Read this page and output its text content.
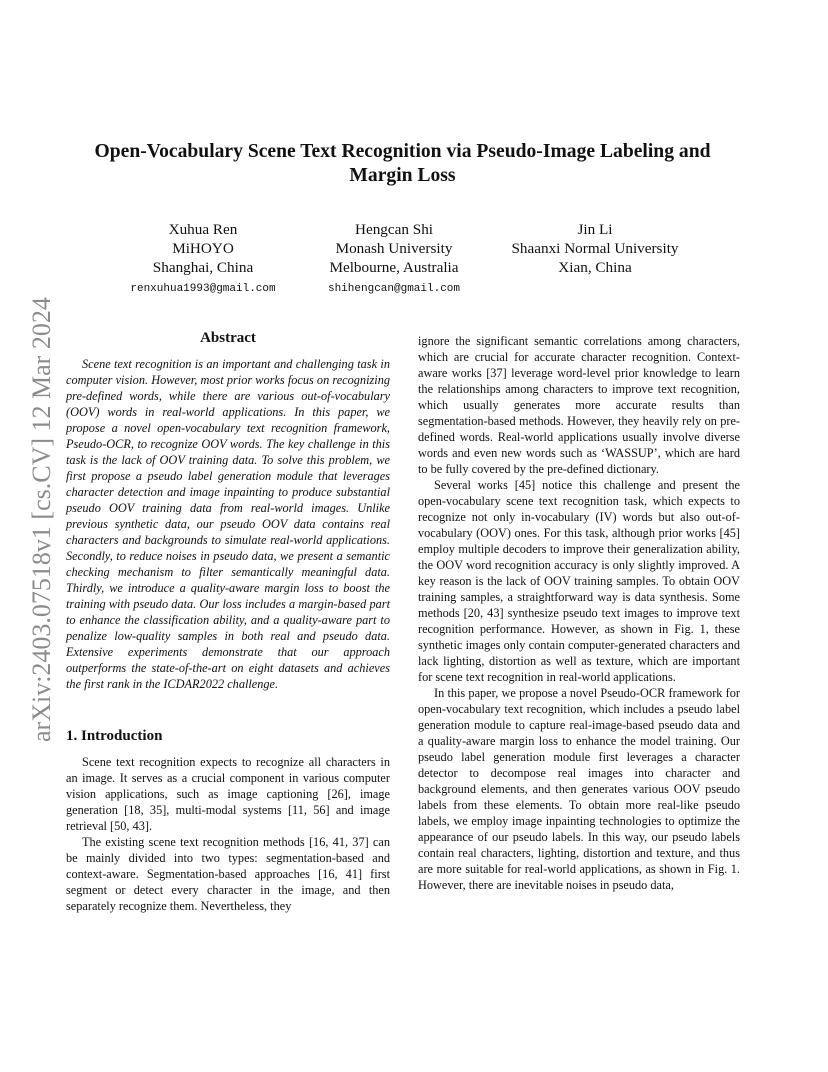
arXiv:2403.07518v1 [cs.CV] 12 Mar 2024
Open-Vocabulary Scene Text Recognition via Pseudo-Image Labeling and Margin Loss
Xuhua Ren
MiHOYO
Shanghai, China
renxuhua1993@gmail.com
Hengcan Shi
Monash University
Melbourne, Australia
shihengcan@gmail.com
Jin Li
Shaanxi Normal University
Xian, China
Abstract

Scene text recognition is an important and challenging task in computer vision. However, most prior works focus on recognizing pre-defined words, while there are various out-of-vocabulary (OOV) words in real-world applications. In this paper, we propose a novel open-vocabulary text recognition framework, Pseudo-OCR, to recognize OOV words. The key challenge in this task is the lack of OOV training data. To solve this problem, we first propose a pseudo label generation module that leverages character detection and image inpainting to produce substantial pseudo OOV training data from real-world images. Unlike previous synthetic data, our pseudo OOV data contains real characters and backgrounds to simulate real-world applications. Secondly, to reduce noises in pseudo data, we present a semantic checking mechanism to filter semantically meaningful data. Thirdly, we introduce a quality-aware margin loss to boost the training with pseudo data. Our loss includes a margin-based part to enhance the classification ability, and a quality-aware part to penalize low-quality samples in both real and pseudo data. Extensive experiments demonstrate that our approach outperforms the state-of-the-art on eight datasets and achieves the first rank in the ICDAR2022 challenge.

1. Introduction

Scene text recognition expects to recognize all characters in an image. It serves as a crucial component in various computer vision applications, such as image captioning [26], image generation [18, 35], multi-modal systems [11, 56] and image retrieval [50, 43].

The existing scene text recognition methods [16, 41, 37] can be mainly divided into two types: segmentation-based and context-aware. Segmentation-based approaches [16, 41] first segment or detect every character in the image, and then separately recognize them. Nevertheless, they

ignore the significant semantic correlations among characters, which are crucial for accurate character recognition. Context-aware works [37] leverage word-level prior knowledge to learn the relationships among characters to improve text recognition, which usually generates more accurate results than segmentation-based methods. However, they heavily rely on pre-defined words. Real-world applications usually involve diverse words and even new words such as ‘WASSUP’, which are hard to be fully covered by the pre-defined dictionary.

Several works [45] notice this challenge and present the open-vocabulary scene text recognition task, which expects to recognize not only in-vocabulary (IV) words but also out-of-vocabulary (OOV) ones. For this task, although prior works [45] employ multiple decoders to improve their generalization ability, the OOV word recognition accuracy is only slightly improved. A key reason is the lack of OOV training samples. To obtain OOV training samples, a straightforward way is data synthesis. Some methods [20, 43] synthesize pseudo text images to improve text recognition performance. However, as shown in Fig. 1, these synthetic images only contain computer-generated characters and lack lighting, distortion as well as texture, which are important for scene text recognition in real-world applications.

In this paper, we propose a novel Pseudo-OCR framework for open-vocabulary text recognition, which includes a pseudo label generation module to capture real-image-based pseudo data and a quality-aware margin loss to enhance the model training. Our pseudo label generation module first leverages a character detector to decompose real images into character and background elements, and then generates various OOV pseudo labels from these elements. To obtain more real-like pseudo labels, we employ image inpainting technologies to optimize the appearance of our pseudo labels. In this way, our pseudo labels contain real characters, lighting, distortion and texture, and thus are more suitable for real-world applications, as shown in Fig. 1. However, there are inevitable noises in pseudo data,
